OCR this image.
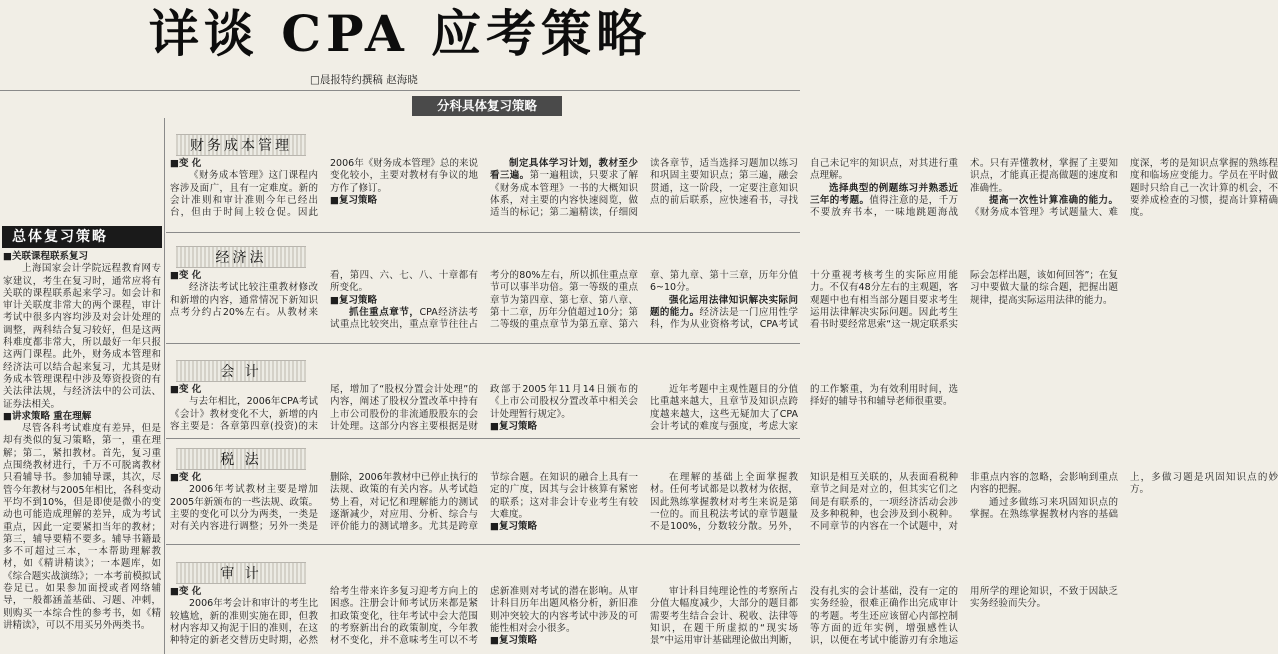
详谈 CPA 应考策略
□晨报特约撰稿 赵海晓
分科具体复习策略
总体复习策略
■关联课程联系复习

上海国家会计学院远程教育网专家建议，考生在复习时，通常应将有关联的课程联系起来学习。如会计和审计关联度非常大的两个课程，审计考试中很多内容均涉及对会计处理的调整，两科结合复习较好，但是这两科难度都非常大，所以最好一年只报这两门课程。此外，财务成本管理和经济法可以结合起来复习，尤其是财务成本管理课程中涉及筹资投资的有关法律法规，与经济法中的公司法、证券法相关。

■讲求策略 重在理解

尽管各科考试难度有差异，但是却有类似的复习策略，第一，重在理解；第二，紧扣教材。首先，复习重点围绕教材进行，千万不可脱离教材只看辅导书。参加辅导课，其次，尽管今年教材与2005年相比，各科变动平均不到10%，但是即使是微小的变动也可能造成理解的差异，成为考试重点，因此一定要紧扣当年的教材；第三，辅导要精不要多。辅导书籍最多不可超过三本，一本帮助理解教材，如《精讲精读》；一本题库，如《综合题实战演练》；一本考前模拟试卷足已。如果参加面授或者网络辅导，一般都涵盖基础、习题、冲刺，则购买一本综合性的参考书，如《精讲精读》，可以不用买另外两类书。

财务成本管理
■变 化

《财务成本管理》这门课程内容涉及面广，且有一定难度。新的会计准则和审计准则今年已经出台，但由于时间上较仓促。因此2006年《财务成本管理》总的来说变化较小，主要对教材有争议的地方作了修订。

■复习策略

制定具体学习计划，教材至少看三遍。第一遍粗读，只要求了解《财务成本管理》一书的大概知识体系，对主要的内容快速阅览，做适当的标记；第二遍精读，仔细阅读各章节，适当选择习题加以练习和巩固主要知识点；第三遍，融会贯通，这一阶段，一定要注意知识点的前后联系，应快速看书，寻找自己未记牢的知识点，对其进行重点理解。

选择典型的例题练习并熟悉近三年的考题。值得注意的是，千万不要放弃书本，一味地跳题海战术。只有弄懂教材，掌握了主要知识点，才能真正提高做题的速度和准确性。

提高一次性计算准确的能力。《财务成本管理》考试题量大、难度深，考的是知识点掌握的熟练程度和临场应变能力。学员在平时做题时只给自己一次计算的机会，不要养成检查的习惯，提高计算精确度。

经济法
■变 化

经济法考试比较注重教材修改和新增的内容，通常情况下新知识点考分约占20%左右。从教材来看，第四、六、七、八、十章都有所变化。

■复习策略

抓住重点章节，CPA经济法考试重点比较突出，重点章节往往占考分的80%左右，所以抓住重点章节可以事半功倍。第一等级的重点章节为第四章、第七章、第八章、第十二章，历年分值超过10分；第二等级的重点章节为第五章、第六章、第九章、第十三章，历年分值6~10分。

强化运用法律知识解决实际问题的能力。经济法是一门应用性学科，作为从业资格考试，CPA考试十分重视考核考生的实际应用能力。不仅有48分左右的主观题，客观题中也有相当部分题目要求考生运用法律解决实际问题。因此考生看书时要经常思索“这一规定联系实际会怎样出题，该如何回答”；在复习中要做大量的综合题，把握出题规律，提高实际运用法律的能力。

会 计
■变 化

与去年相比，2006年CPA考试《会计》教材变化不大，新增的内容主要是：各章第四章(投资)的末尾，增加了“股权分置会计处理”的内容，阐述了股权分置改革中持有上市公司股份的非流通股股东的会计处理。这部分内容主要根据是财政部于2005年11月14日颁布的《上市公司股权分置改革中相关会计处理暂行规定》。

■复习策略

近年考题中主观性题目的分值比重越来越大，且章节及知识点跨度越来越大，这些无疑加大了CPA会计考试的难度与强度，考虑大家的工作繁重，为有效利用时间，选择好的辅导书和辅导老师很重要。

税 法
■变 化

2006年考试教材主要是增加2005年新颁布的一些法规、政策。主要的变化可以分为两类，一类是对有关内容进行调整；另外一类是删除，2006年教材中已停止执行的法规、政策的有关内容。从考试趋势上看，对记忆和理解能力的测试逐渐减少，对应用、分析、综合与评价能力的测试增多。尤其是跨章节综合题。在知识的融合上具有一定的广度，因其与会计核算有紧密的联系；这对非会计专业考生有较大难度。

■复习策略

在理解的基础上全面掌握教材。任何考试都是以教材为依据，因此熟练掌握教材对考生来说是第一位的。而且税法考试的章节题量不是100%，分数较分散。另外，知识是相互关联的，从表面看税种章节之间是对立的，但其实它们之间是有联系的，一项经济活动会涉及多种税种，也会涉及到小税种。不同章节的内容在一个试题中，对非重点内容的忽略，会影响到重点内容的把握。

通过多做练习来巩固知识点的掌握。在熟练掌握教材内容的基础上，多做习题是巩固知识点的妙方。

审 计
■变 化

2006年考会计和审计的考生比较尴尬，新的准则实施在即，但教材内容却又拘泥于旧的准则，在这种特定的新老交替历史时期，必然给考生带来许多复习迎考方向上的困惑。注册会计师考试历来都是紧扣政策变化，往年考试中会大范围的考察新出台的政策制度，今年教材不变化，并不意味考生可以不考虑新准则对考试的潜在影响。从审计科目历年出题风格分析，新旧准则冲突较大的内容考试中涉及的可能性相对会小很多。

■复习策略

审计科目纯理论性的考察所占分值大幅度减少，大部分的题目都需要考生结合会计、税收、法律等知识，在题干所虚拟的“现实场景”中运用审计基础理论做出判断，没有扎实的会计基础，没有一定的实务经验，很难正确作出完成审计的考题。考生还应该留心内部控制等方面的近年实例，增强感性认识，以便在考试中能游刃有余地运用所学的理论知识，不致于因缺乏实务经验而失分。
